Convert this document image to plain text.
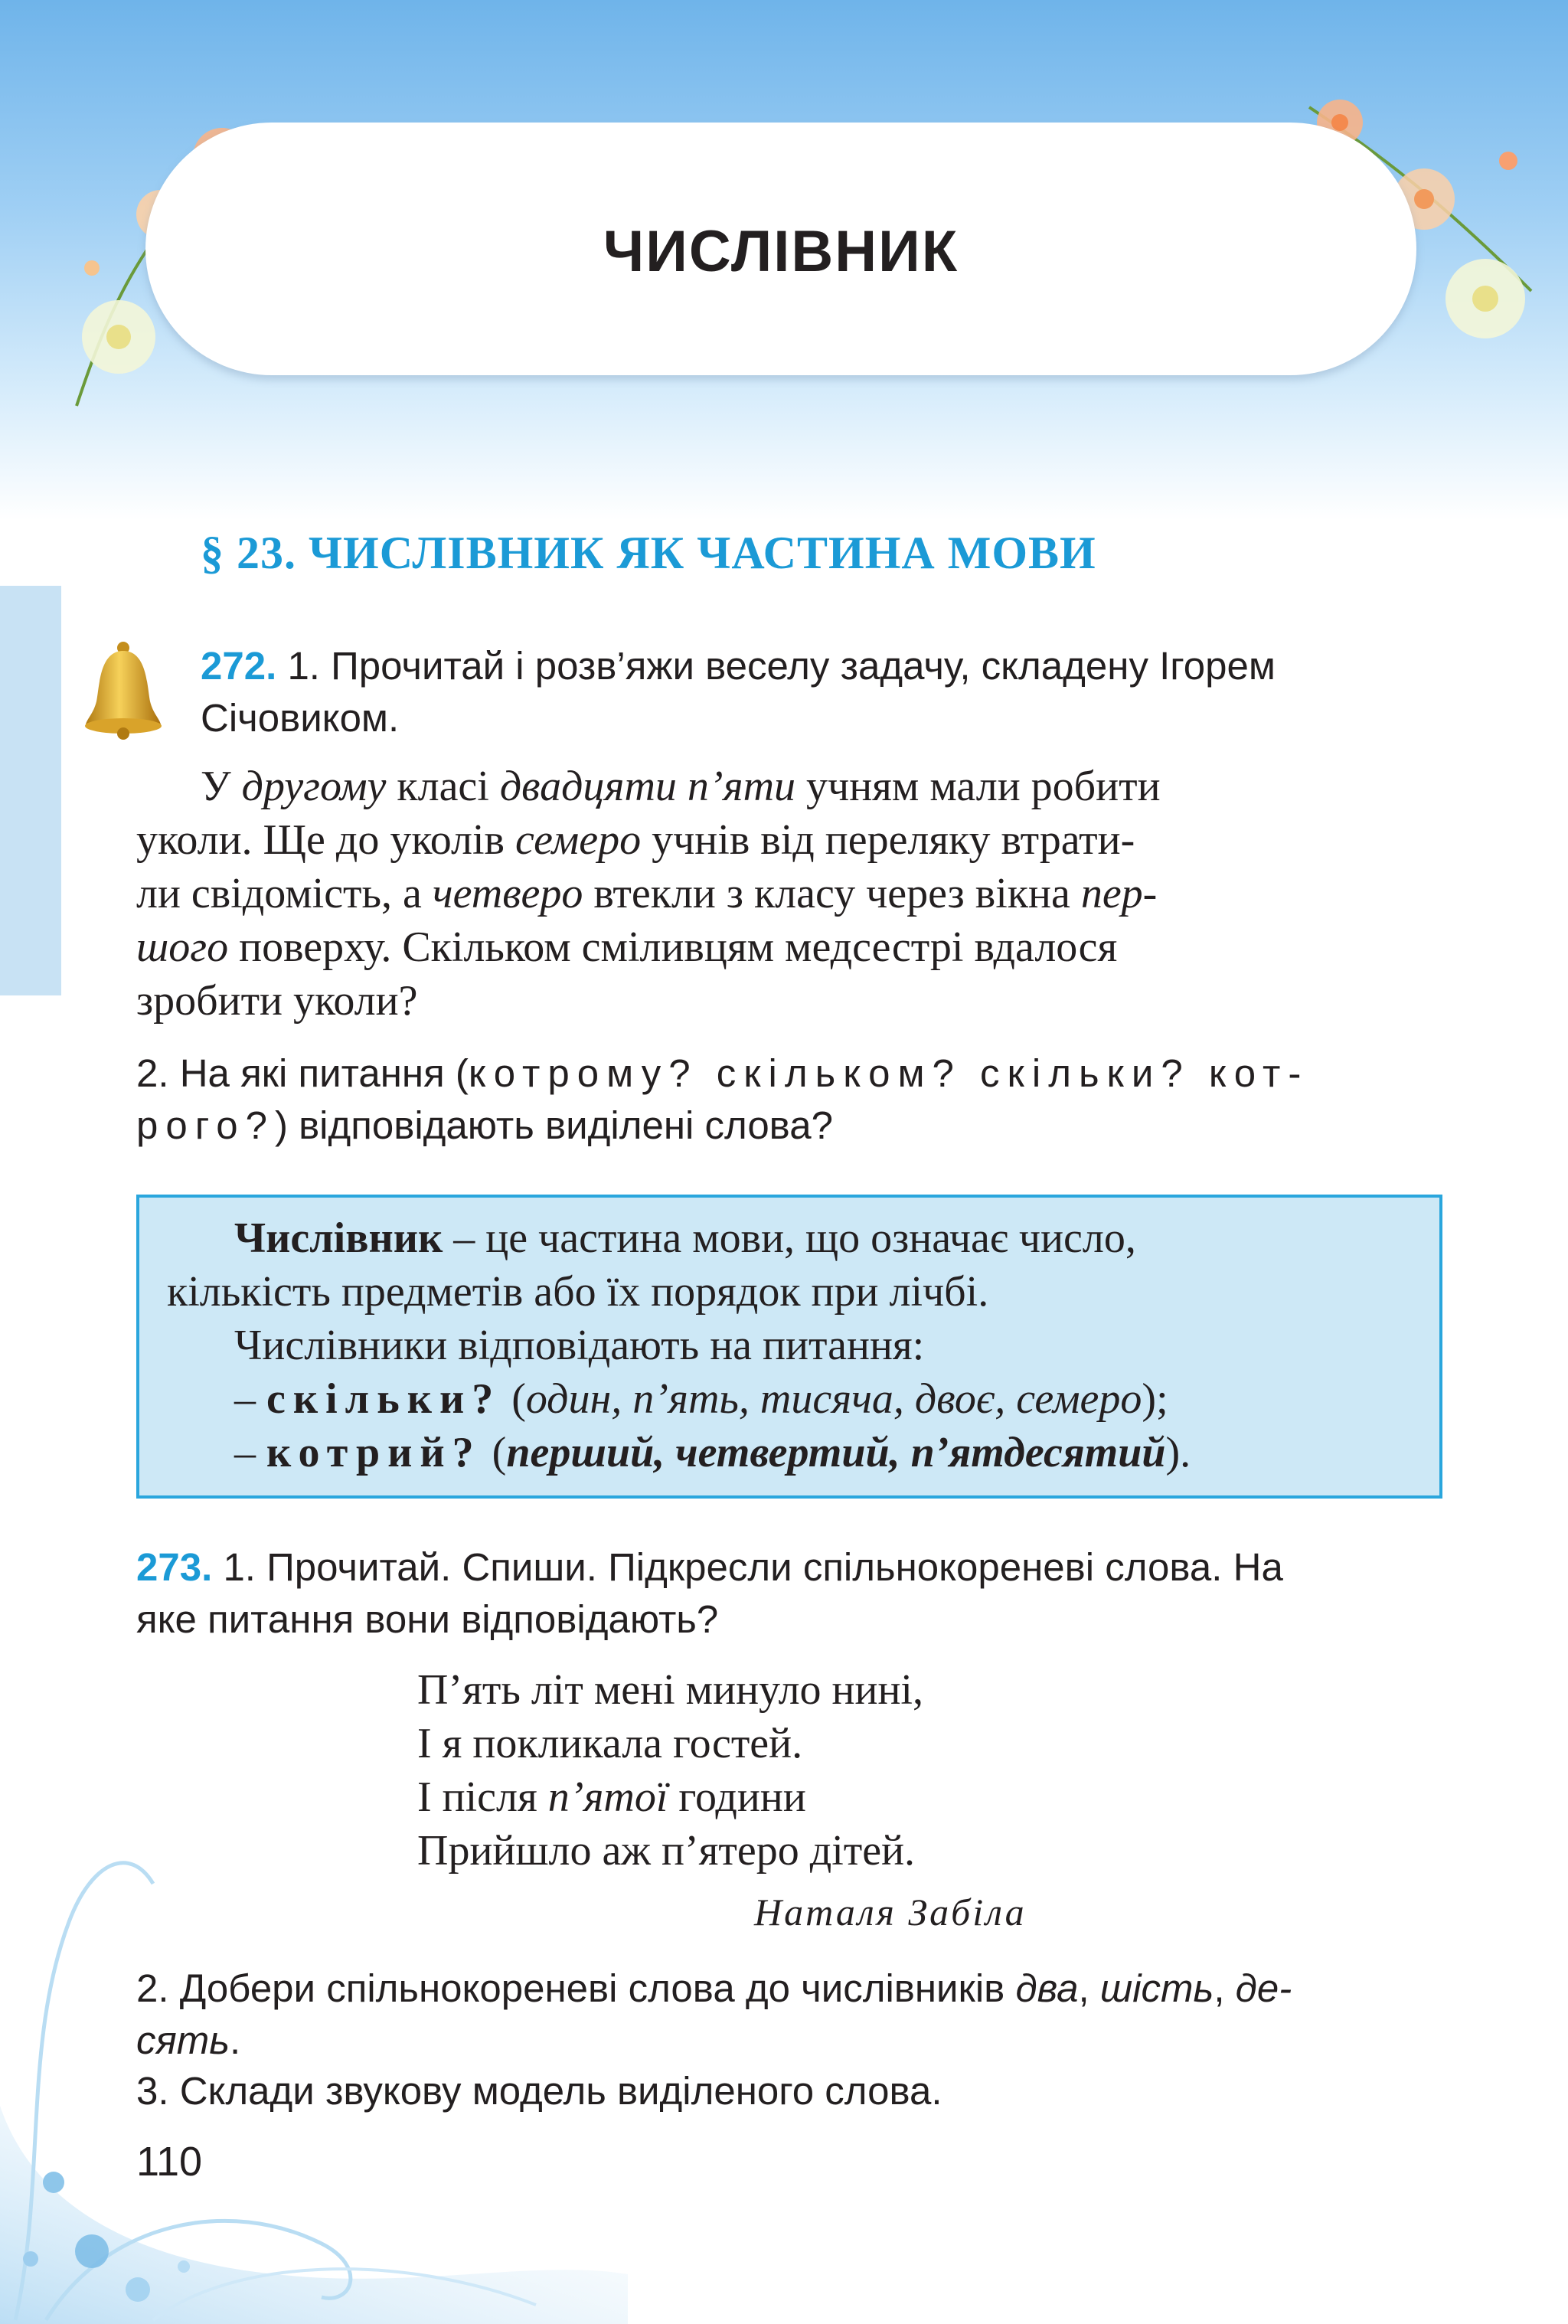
ЧИСЛІВНИК
§ 23. ЧИСЛІВНИК ЯК ЧАСТИНА МОВИ
272. 1. Прочитай і розв’яжи веселу задачу, складену Ігорем
Січовиком.
У другому класі двадцяти п’яти учням мали робити
уколи. Ще до уколів семеро учнів від переляку втрати-
ли свідомість, а четверо втекли з класу через вікна пер-
шого поверху. Скільком сміливцям медсестрі вдалося
зробити уколи?
2. На які питання (котрому? скільком? скільки? кот-
рого?) відповідають виділені слова?
Числівник – це частина мови, що означає число,
кількість предметів або їх порядок при лічбі.
Числівники відповідають на питання:
– скільки? (один, п’ять, тисяча, двоє, семеро);
– котрий? (перший, четвертий, п’ятдесятий).
273. 1. Прочитай. Спиши. Підкресли спільнокореневі слова. На
яке питання вони відповідають?
П’ять літ мені минуло нині,
І я покликала гостей.
І після п’ятої години
Прийшло аж п’ятеро дітей.
Наталя Забіла
2. Добери спільнокореневі слова до числівників два, шість, де-
сять.
3. Склади звукову модель виділеного слова.
110
